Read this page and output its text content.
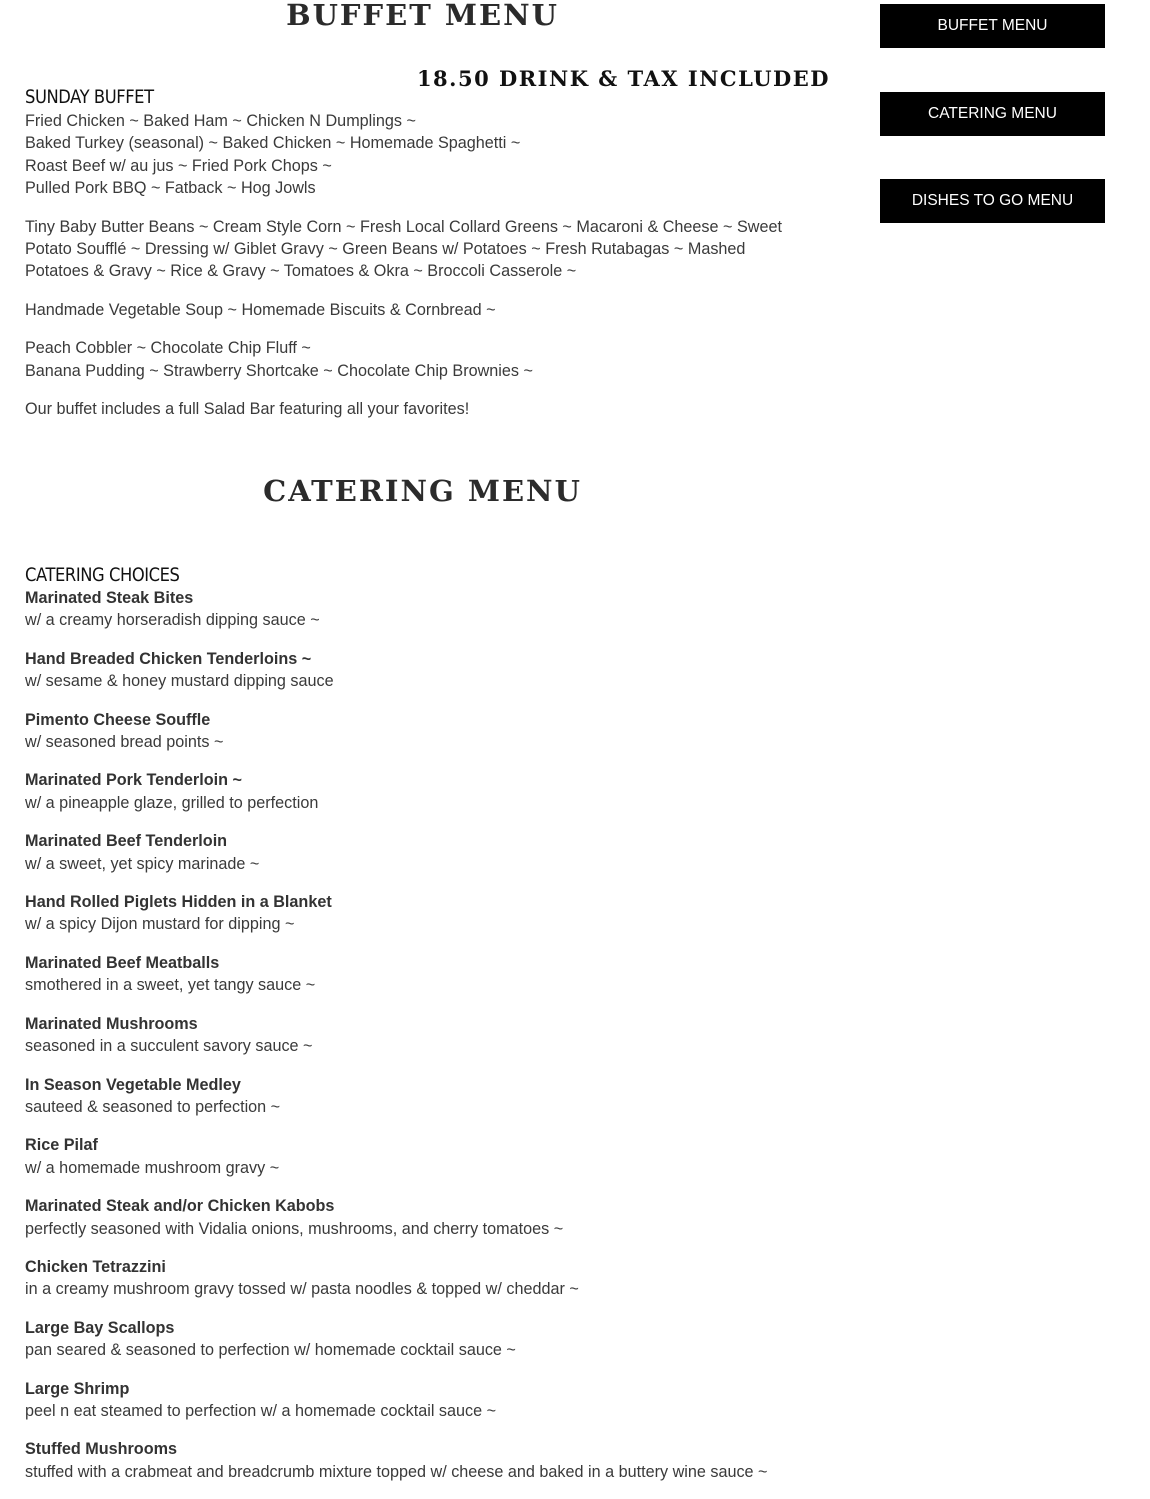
BUFFET MENU
SUNDAY BUFFET
18.50 DRINK & TAX INCLUDED

Fried Chicken ~ Baked Ham ~ Chicken N Dumplings ~
Baked Turkey (seasonal) ~ Baked Chicken ~ Homemade Spaghetti ~
Roast Beef w/ au jus ~ Fried Pork Chops ~
Pulled Pork BBQ ~ Fatback ~ Hog Jowls

Tiny Baby Butter Beans ~ Cream Style Corn ~ Fresh Local Collard Greens ~ Macaroni & Cheese ~ Sweet
Potato Soufflé ~ Dressing w/ Giblet Gravy ~ Green Beans w/ Potatoes ~ Fresh Rutabagas ~ Mashed
Potatoes & Gravy ~ Rice & Gravy ~ Tomatoes & Okra ~ Broccoli Casserole ~

Handmade Vegetable Soup ~ Homemade Biscuits & Cornbread ~

Peach Cobbler ~ Chocolate Chip Fluff ~
Banana Pudding ~ Strawberry Shortcake ~ Chocolate Chip Brownies ~

Our buffet includes a full Salad Bar featuring all your favorites!

CATERING MENU
CATERING CHOICES
Marinated Steak Bites
w/ a creamy horseradish dipping sauce ~
Hand Breaded Chicken Tenderloins ~
w/ sesame & honey mustard dipping sauce
Pimento Cheese Souffle
w/ seasoned bread points ~
Marinated Pork Tenderloin ~
w/ a pineapple glaze, grilled to perfection
Marinated Beef Tenderloin
w/ a sweet, yet spicy marinade ~
Hand Rolled Piglets Hidden in a Blanket
w/ a spicy Dijon mustard for dipping ~
Marinated Beef Meatballs
smothered in a sweet, yet tangy sauce ~
Marinated Mushrooms
seasoned in a succulent savory sauce ~
In Season Vegetable Medley
sauteed & seasoned to perfection ~
Rice Pilaf
w/ a homemade mushroom gravy ~
Marinated Steak and/or Chicken Kabobs
perfectly seasoned with Vidalia onions, mushrooms, and cherry tomatoes ~
Chicken Tetrazzini
in a creamy mushroom gravy tossed w/ pasta noodles & topped w/ cheddar ~
Large Bay Scallops
pan seared & seasoned to perfection w/ homemade cocktail sauce ~
Large Shrimp
peel n eat steamed to perfection w/ a homemade cocktail sauce ~
Stuffed Mushrooms
stuffed with a crabmeat and breadcrumb mixture topped w/ cheese and baked in a buttery wine sauce ~
BUFFET MENU
CATERING MENU
DISHES TO GO MENU
